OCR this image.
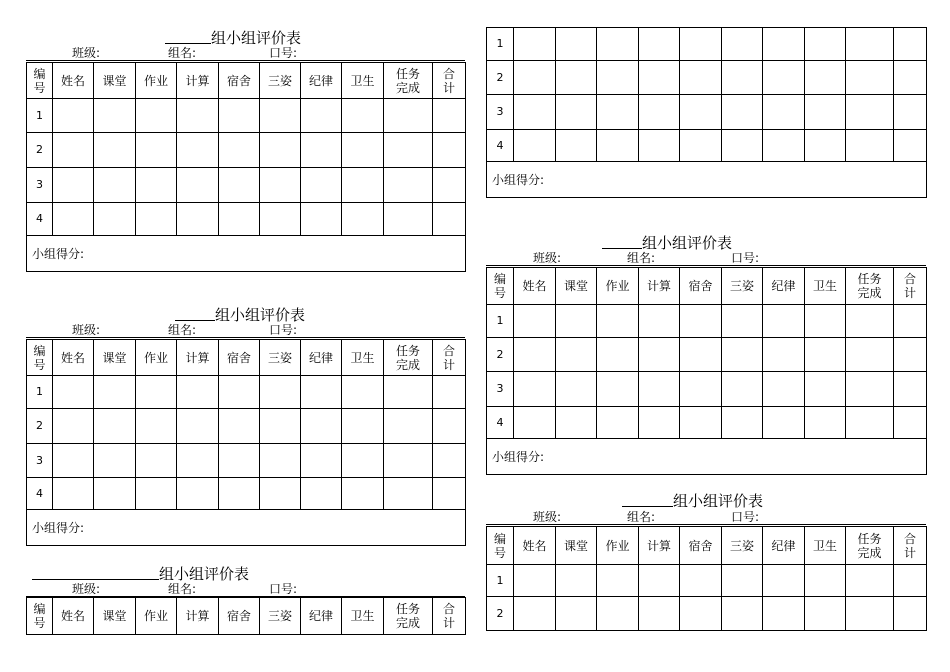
组小组评价表
班级:	组名:	口号:
编号	姓名	课堂	作业	计算	宿舍	三姿	纪律	卫生	任务完成	合计
1										
2										
3										
4										
小组得分:										
组小组评价表
班级:	组名:	口号:
编号	姓名	课堂	作业	计算	宿舍	三姿	纪律	卫生	任务完成	合计
1										
2										
3										
4										
小组得分:										
组小组评价表
班级:	组名:	口号:
编号	姓名	课堂	作业	计算	宿舍	三姿	纪律	卫生	任务完成	合计
1										
2										
3										
4										
小组得分:										
组小组评价表
班级:	组名:	口号:
编号	姓名	课堂	作业	计算	宿舍	三姿	纪律	卫生	任务完成	合计
1										
2										
3										
4										
小组得分:										
组小组评价表
班级:	组名:	口号:
编号	姓名	课堂	作业	计算	宿舍	三姿	纪律	卫生	任务完成	合计
1										
2										
